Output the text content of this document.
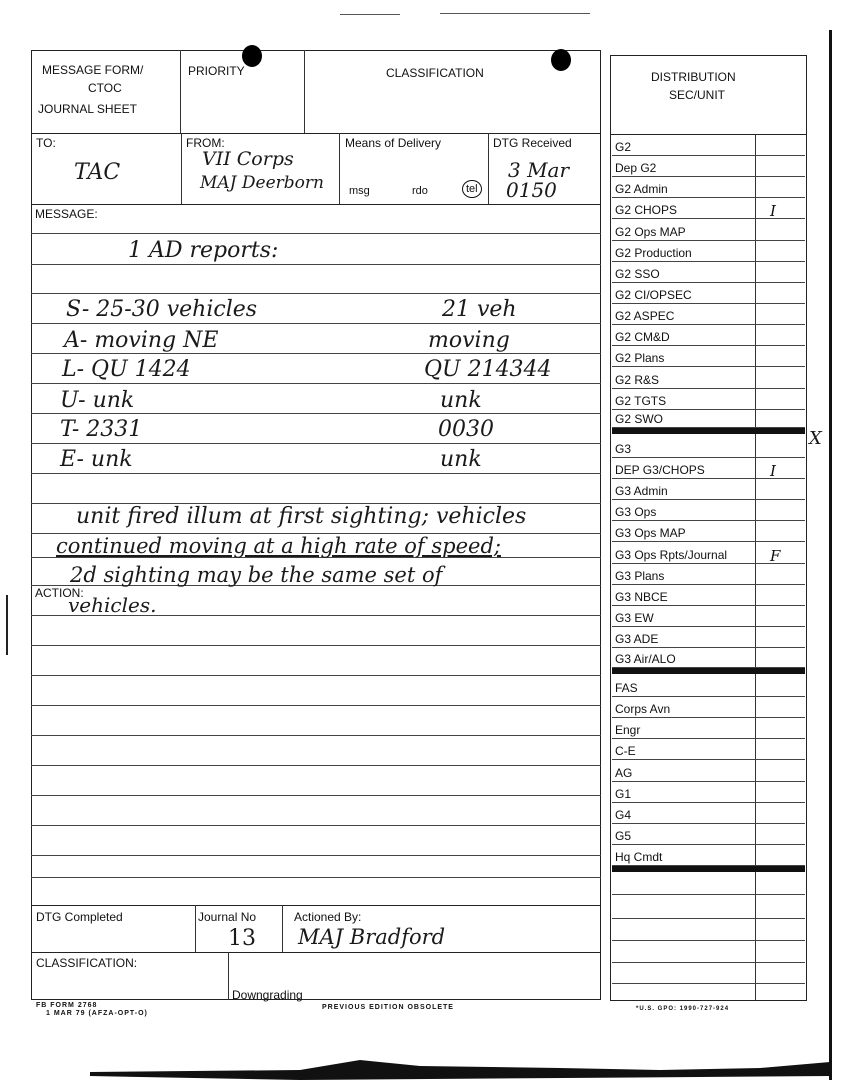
MESSAGE FORM/
CTOC
JOURNAL SHEET
PRIORITY	CLASSIFICATION
TO:
TAC
FROM:
VII Corps
MAJ Deerborn
Means of Delivery
msg	rdo	tel
DTG Received
3 Mar
0150
MESSAGE:
1 AD reports:
S- 25-30 vehicles	21 veh
A- moving NE	moving
L- QU 1424	QU 214344
U- unk	unk
T- 2331	0030
E- unk	unk
unit fired illum at first sighting; vehicles
continued moving at a high rate of speed;
2d sighting may be the same set of
vehicles.
ACTION:
DTG Completed	Journal No
13
Actioned By:
MAJ Bradford
CLASSIFICATION:
Downgrading
FB FORM 2768
1 MAR 79 (AFZA-OPT-O)
PREVIOUS EDITION OBSOLETE	*U.S. GPO: 1990-727-924
DISTRIBUTION
SEC/UNIT
G2
Dep G2
G2 Admin
G2 CHOPS	I
G2 Ops MAP
G2 Production
G2 SSO
G2 CI/OPSEC
G2 ASPEC
G2 CM&D
G2 Plans
G2 R&S
G2 TGTS
G2 SWO
X
G3
DEP G3/CHOPS	I
G3 Admin
G3 Ops
G3 Ops MAP
G3 Ops Rpts/Journal	F
G3 Plans
G3 NBCE
G3 EW
G3 ADE
G3 Air/ALO
FAS
Corps Avn
Engr
C-E
AG
G1
G4
G5
Hq Cmdt
